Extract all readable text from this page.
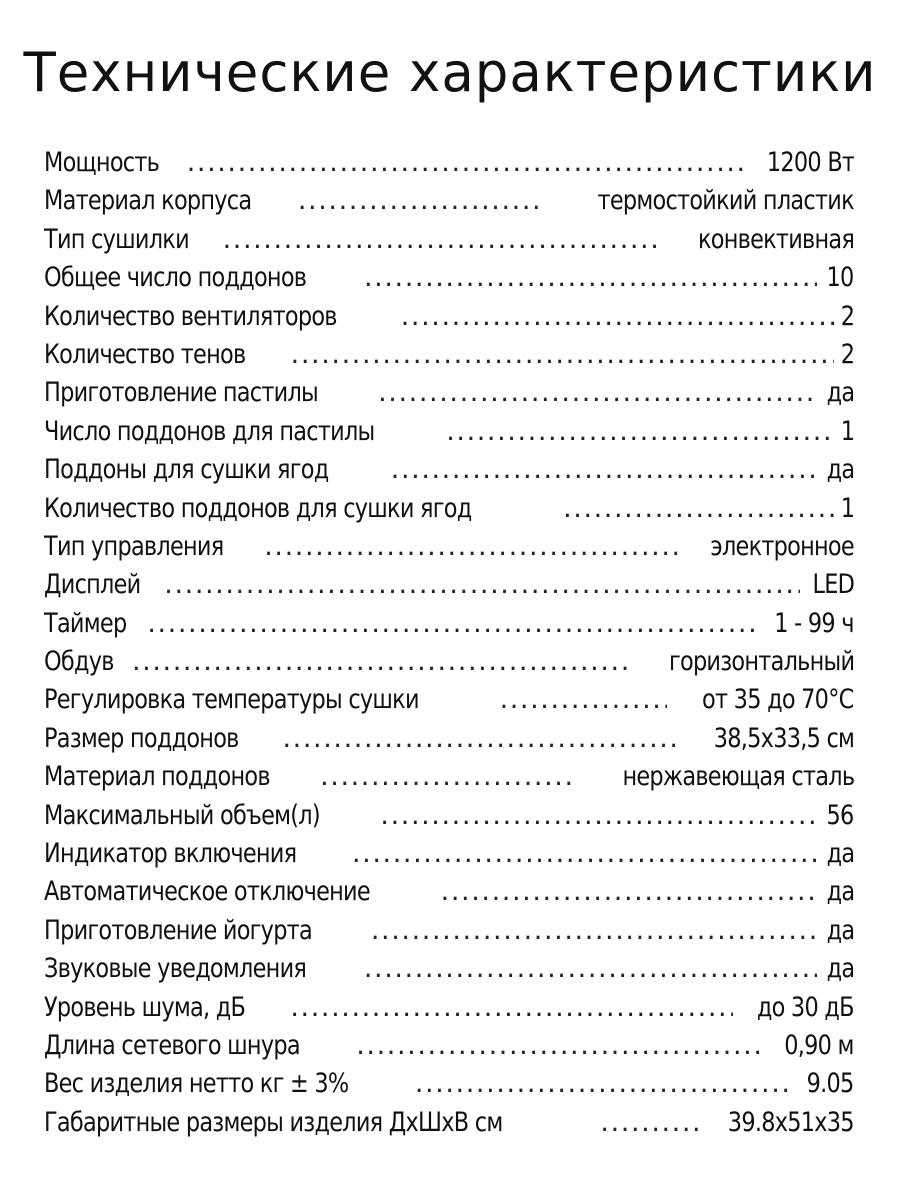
Технические характеристики
Мощность .....	1200 Вт
Материал корпуса .....	термостойкий пластик
Тип сушилки .....	конвективная
Общее число поддонов .....	10
Количество вентиляторов .....	2
Количество тенов .....	2
Приготовление пастилы .....	да
Число поддонов для пастилы .....	1
Поддоны для сушки ягод .....	да
Количество поддонов для сушки ягод .....	1
Тип управления .....	электронное
Дисплей .....	LED
Таймер .....	1 - 99 ч
Обдув .....	горизонтальный
Регулировка температуры сушки .....	от 35 до 70°С
Размер поддонов .....	38,5х33,5 см
Материал поддонов .....	нержавеющая сталь
Максимальный объем(л) .....	56
Индикатор включения .....	да
Автоматическое отключение .....	да
Приготовление йогурта .....	да
Звуковые уведомления .....	да
Уровень шума, дБ .....	до 30 дБ
Длина сетевого шнура .....	0,90 м
Вес изделия нетто кг ± 3% .....	9.05
Габаритные размеры изделия ДхШхВ см .....	39.8x51x35
